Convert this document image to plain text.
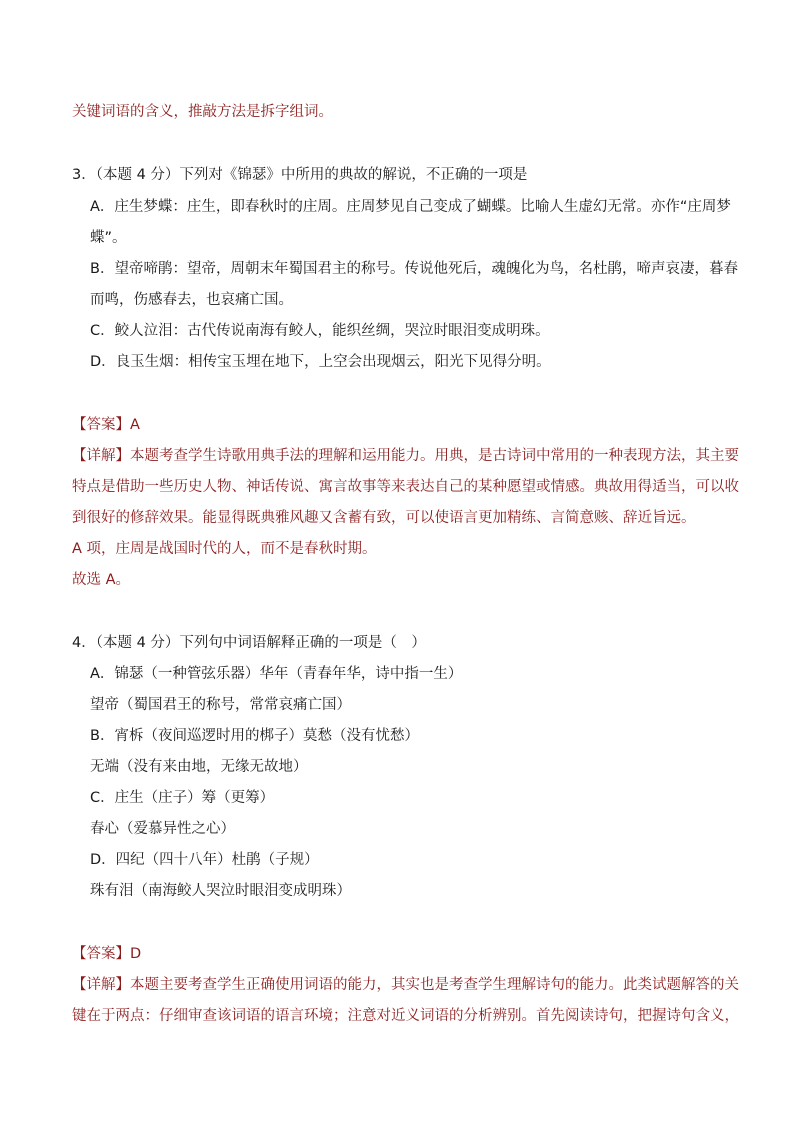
关键词语的含义，推敲方法是拆字组词。
3．（本题 4 分）下列对《锦瑟》中所用的典故的解说，不正确的一项是
A．庄生梦蝶：庄生，即春秋时的庄周。庄周梦见自己变成了蝴蝶。比喻人生虚幻无常。亦作“庄周梦
蝶”。
B．望帝啼鹃：望帝，周朝末年蜀国君主的称号。传说他死后，魂魄化为鸟，名杜鹃，啼声哀凄，暮春
而鸣，伤感春去，也哀痛亡国。
C．鲛人泣泪：古代传说南海有鲛人，能织丝绸，哭泣时眼泪变成明珠。
D．良玉生烟：相传宝玉埋在地下，上空会出现烟云，阳光下见得分明。
【答案】A
【详解】本题考查学生诗歌用典手法的理解和运用能力。用典，是古诗词中常用的一种表现方法，其主要
特点是借助一些历史人物、神话传说、寓言故事等来表达自己的某种愿望或情感。典故用得适当，可以收
到很好的修辞效果。能显得既典雅风趣又含蓄有致，可以使语言更加精练、言简意赅、辞近旨远。
A 项，庄周是战国时代的人，而不是春秋时期。
故选 A。
4．（本题 4 分）下列句中词语解释正确的一项是（　）
A．锦瑟（一种管弦乐器）华年（青春年华，诗中指一生）
望帝（蜀国君王的称号，常常哀痛亡国）
B．宵柝（夜间巡逻时用的梆子）莫愁（没有忧愁）
无端（没有来由地，无缘无故地）
C．庄生（庄子）筹（更筹）
春心（爱慕异性之心）
D．四纪（四十八年）杜鹃（子规）
珠有泪（南海鲛人哭泣时眼泪变成明珠）
【答案】D
【详解】本题主要考查学生正确使用词语的能力，其实也是考查学生理解诗句的能力。此类试题解答的关
键在于两点：仔细审查该词语的语言环境；注意对近义词语的分析辨别。首先阅读诗句，把握诗句含义，
